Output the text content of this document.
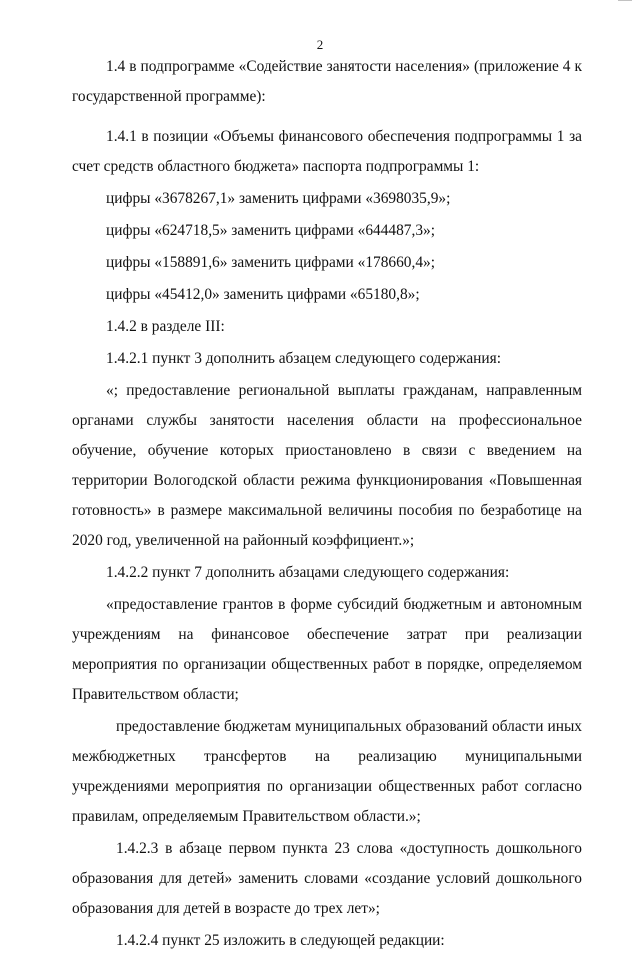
2

1.4 в подпрограмме «Содействие занятости населения» (приложение 4 к государственной программе):

1.4.1 в позиции «Объемы финансового обеспечения подпрограммы 1 за счет средств областного бюджета» паспорта подпрограммы 1:

цифры «3678267,1» заменить цифрами «3698035,9»;

цифры «624718,5» заменить цифрами «644487,3»;

цифры «158891,6» заменить цифрами «178660,4»;

цифры «45412,0» заменить цифрами «65180,8»;

1.4.2 в разделе III:

1.4.2.1 пункт 3 дополнить абзацем следующего содержания:

«; предоставление региональной выплаты гражданам, направленным органами службы занятости населения области на профессиональное обучение, обучение которых приостановлено в связи с введением на территории Вологодской области режима функционирования «Повышенная готовность» в размере максимальной величины пособия по безработице на 2020 год, увеличенной на районный коэффициент.»;

1.4.2.2 пункт 7 дополнить абзацами следующего содержания:

«предоставление грантов в форме субсидий бюджетным и автономным учреждениям на финансовое обеспечение затрат при реализации мероприятия по организации общественных работ в порядке, определяемом Правительством области;

предоставление бюджетам муниципальных образований области иных межбюджетных трансфертов на реализацию муниципальными учреждениями мероприятия по организации общественных работ согласно правилам, определяемым Правительством области.»;

1.4.2.3 в абзаце первом пункта 23 слова «доступность дошкольного образования для детей» заменить словами «создание условий дошкольного образования для детей в возрасте до трех лет»;

1.4.2.4 пункт 25 изложить в следующей редакции:
